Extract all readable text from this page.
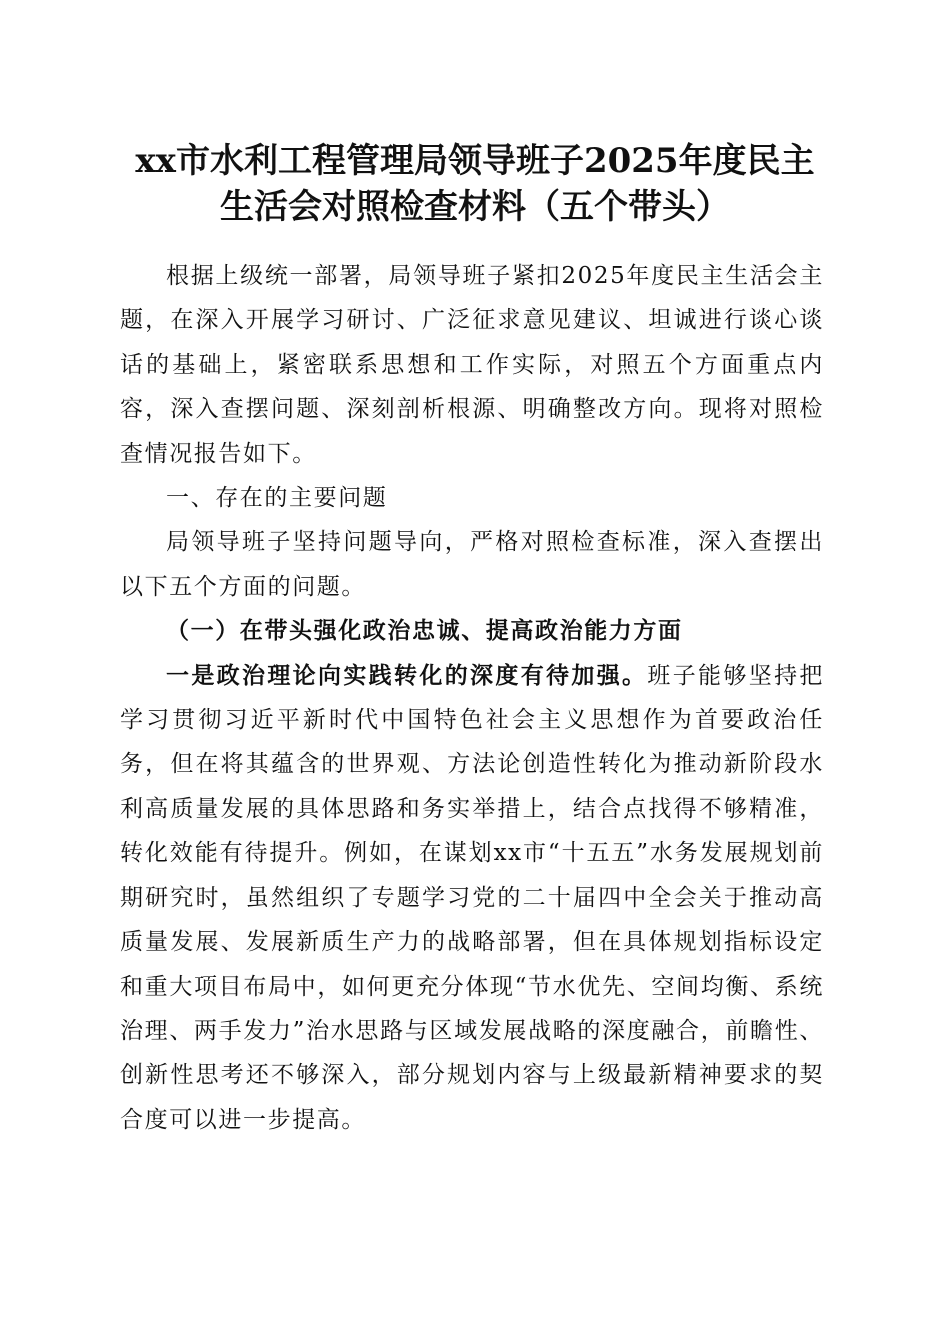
xx市水利工程管理局领导班子2025年度民主
生活会对照检查材料（五个带头）

根据上级统一部署，局领导班子紧扣2025年度民主生活会主题，在深入开展学习研讨、广泛征求意见建议、坦诚进行谈心谈话的基础上，紧密联系思想和工作实际，对照五个方面重点内容，深入查摆问题、深刻剖析根源、明确整改方向。现将对照检查情况报告如下。

一、存在的主要问题

局领导班子坚持问题导向，严格对照检查标准，深入查摆出以下五个方面的问题。

（一）在带头强化政治忠诚、提高政治能力方面

一是政治理论向实践转化的深度有待加强。班子能够坚持把学习贯彻习近平新时代中国特色社会主义思想作为首要政治任务，但在将其蕴含的世界观、方法论创造性转化为推动新阶段水利高质量发展的具体思路和务实举措上，结合点找得不够精准，转化效能有待提升。例如，在谋划xx市“十五五”水务发展规划前期研究时，虽然组织了专题学习党的二十届四中全会关于推动高质量发展、发展新质生产力的战略部署，但在具体规划指标设定和重大项目布局中，如何更充分体现“节水优先、空间均衡、系统治理、两手发力”治水思路与区域发展战略的深度融合，前瞻性、创新性思考还不够深入，部分规划内容与上级最新精神要求的契合度可以进一步提高。
